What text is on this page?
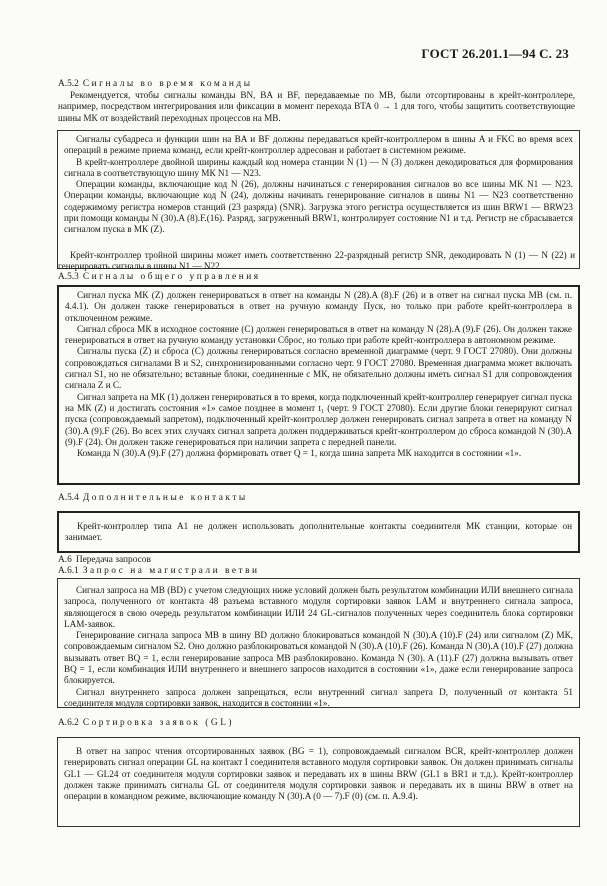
ГОСТ 26.201.1—94 С. 23
А.5.2 Сигналы во время команды

Рекомендуется, чтобы сигналы команды BN, BA и BF, передаваемые по МВ, были отсортированы в крейт-контроллере, например, посредством интегрирования или фиксации в момент перехода BTA 0 → 1 для того, чтобы защитить соответствующие шины МК от воздействий переходных процессов на МВ.

Сигналы субадреса и функции шин на BA и BF должны передаваться крейт-контроллером в шины A и FKC во время всех операций в режиме приема команд, если крейт-контроллер адресован и работает в системном режиме.

В крейт-контроллере двойной ширины каждый код номера станции N (1) — N (3) должен декодироваться для формирования сигнала в соответствующую шину МК N1 — N23.

Операции команды, включающие код N (26), должны начинаться с генерирования сигналов во все шины МК N1 — N23. Операции команды, включающие код N (24), должны начинать генерирование сигналов в шины N1 — N23 соответственно содержимому регистра номеров станций (23 разряда) (SNR). Загрузка этого регистра осуществляется из шин BRW1 — BRW23 при помощи команды N (30).A (8).F.(16). Разряд, загруженный BRW1, контролирует состояние N1 и т.д. Регистр не сбрасывается сигналом пуска в МК (Z).

Крейт-контроллер тройной ширины может иметь соответственно 22-разрядный регистр SNR, декодировать N (1) — N (22) и генерировать сигналы в шины N1 — N22.

А.5.3 Сигналы общего управления

Сигнал пуска МК (Z) должен генерироваться в ответ на команды N (28).A (8).F (26) и в ответ на сигнал пуска МВ (см. п. 4.4.1). Он должен также генерироваться в ответ на ручную команду Пуск, но только при работе крейт-контроллера в отключенном режиме.

Сигнал сброса МК в исходное состояние (С) должен генерироваться в ответ на команду N (28).A (9).F (26). Он должен также генерироваться в ответ на ручную команду установки Сброс, но только при работе крейт-контроллера в автономном режиме.

Сигналы пуска (Z) и сброса (С) должны генерироваться согласно временной диаграмме (черт. 9 ГОСТ 27080). Они должны сопровождаться сигналами В и S2, синхронизированными согласно черт. 9 ГОСТ 27080. Временная диаграмма может включать сигнал S1, но не обязательно; вставные блоки, соединенные с МК, не обязательно должны иметь сигнал S1 для сопровождения сигнала Z и C.

Сигнал запрета на МК (1) должен генерироваться в то время, когда подключенный крейт-контроллер генерирует сигнал пуска на МК (Z) и достигать состояния «1» самое позднее в момент t₁ (черт. 9 ГОСТ 27080). Если другие блоки генерируют сигнал пуска (сопровождаемый запретом), подключенный крейт-контроллер должен генерировать сигнал запрета в ответ на команду N (30).A (9).F (26). Во всех этих случаях сигнал запрета должен поддерживаться крейт-контроллером до сброса командой N (30).A (9).F (24). Он должен также генерироваться при наличии запрета с передней панели.

Команда N (30).A (9).F (27) должна формировать ответ Q = 1, когда шина запрета МК находится в состоянии «1».

А.5.4 Дополнительные контакты

Крейт-контроллер типа A1 не должен использовать дополнительные контакты соединителя МК станции, которые он занимает.

А.6 Передача запросов
А.6.1 Запрос на магистрали ветви

Сигнал запроса на МВ (BD) с учетом следующих ниже условий должен быть результатом комбинации ИЛИ внешнего сигнала запроса, полученного от контакта 48 разъема вставного модуля сортировки заявок LAM и внутреннего сигнала запроса, являющегося в свою очередь результатом комбинации ИЛИ 24 GL-сигналов полученных через соединитель блока сортировки LAM-заявок.

Генерирование сигнала запроса МВ в шину BD должно блокироваться командой N (30).A (10).F (24) или сигналом (Z) МК, сопровождаемым сигналом S2. Оно должно разблокироваться командой N (30).A (10).F (26). Команда N (30).A (10).F (27) должна вызывать ответ BQ = 1, если генерирование запроса МВ разблокировано. Команда N (30). A (11).F (27) должна вызывать ответ BQ = 1, если комбинация ИЛИ внутреннего и внешнего запросов находится в состоянии «1», даже если генерирование запроса блокируется.

Сигнал внутреннего запроса должен запрещаться, если внутренний сигнал запрета D, полученный от контакта 51 соединителя модуля сортировки заявок, находится в состоянии «1».

А.6.2 Сортировка заявок (GL)

В ответ на запрос чтения отсортированных заявок (BG = 1), сопровождаемый сигналом BCR, крейт-контроллер должен генерировать сигнал операции GL на контакт I соединителя вставного модуля сортировки заявок. Он должен принимать сигналы GL1 — GL24 от соединителя модуля сортировки заявок и передавать их в шины BRW (GL1 в BR1 и т.д.). Крейт-контроллер должен также принимать сигналы GL от соединителя модуля сортировки заявок и передавать их в шины BRW в ответ на операции в командном режиме, включающие команду N (30).A (0 — 7).F (0) (см. п. А.9.4).
